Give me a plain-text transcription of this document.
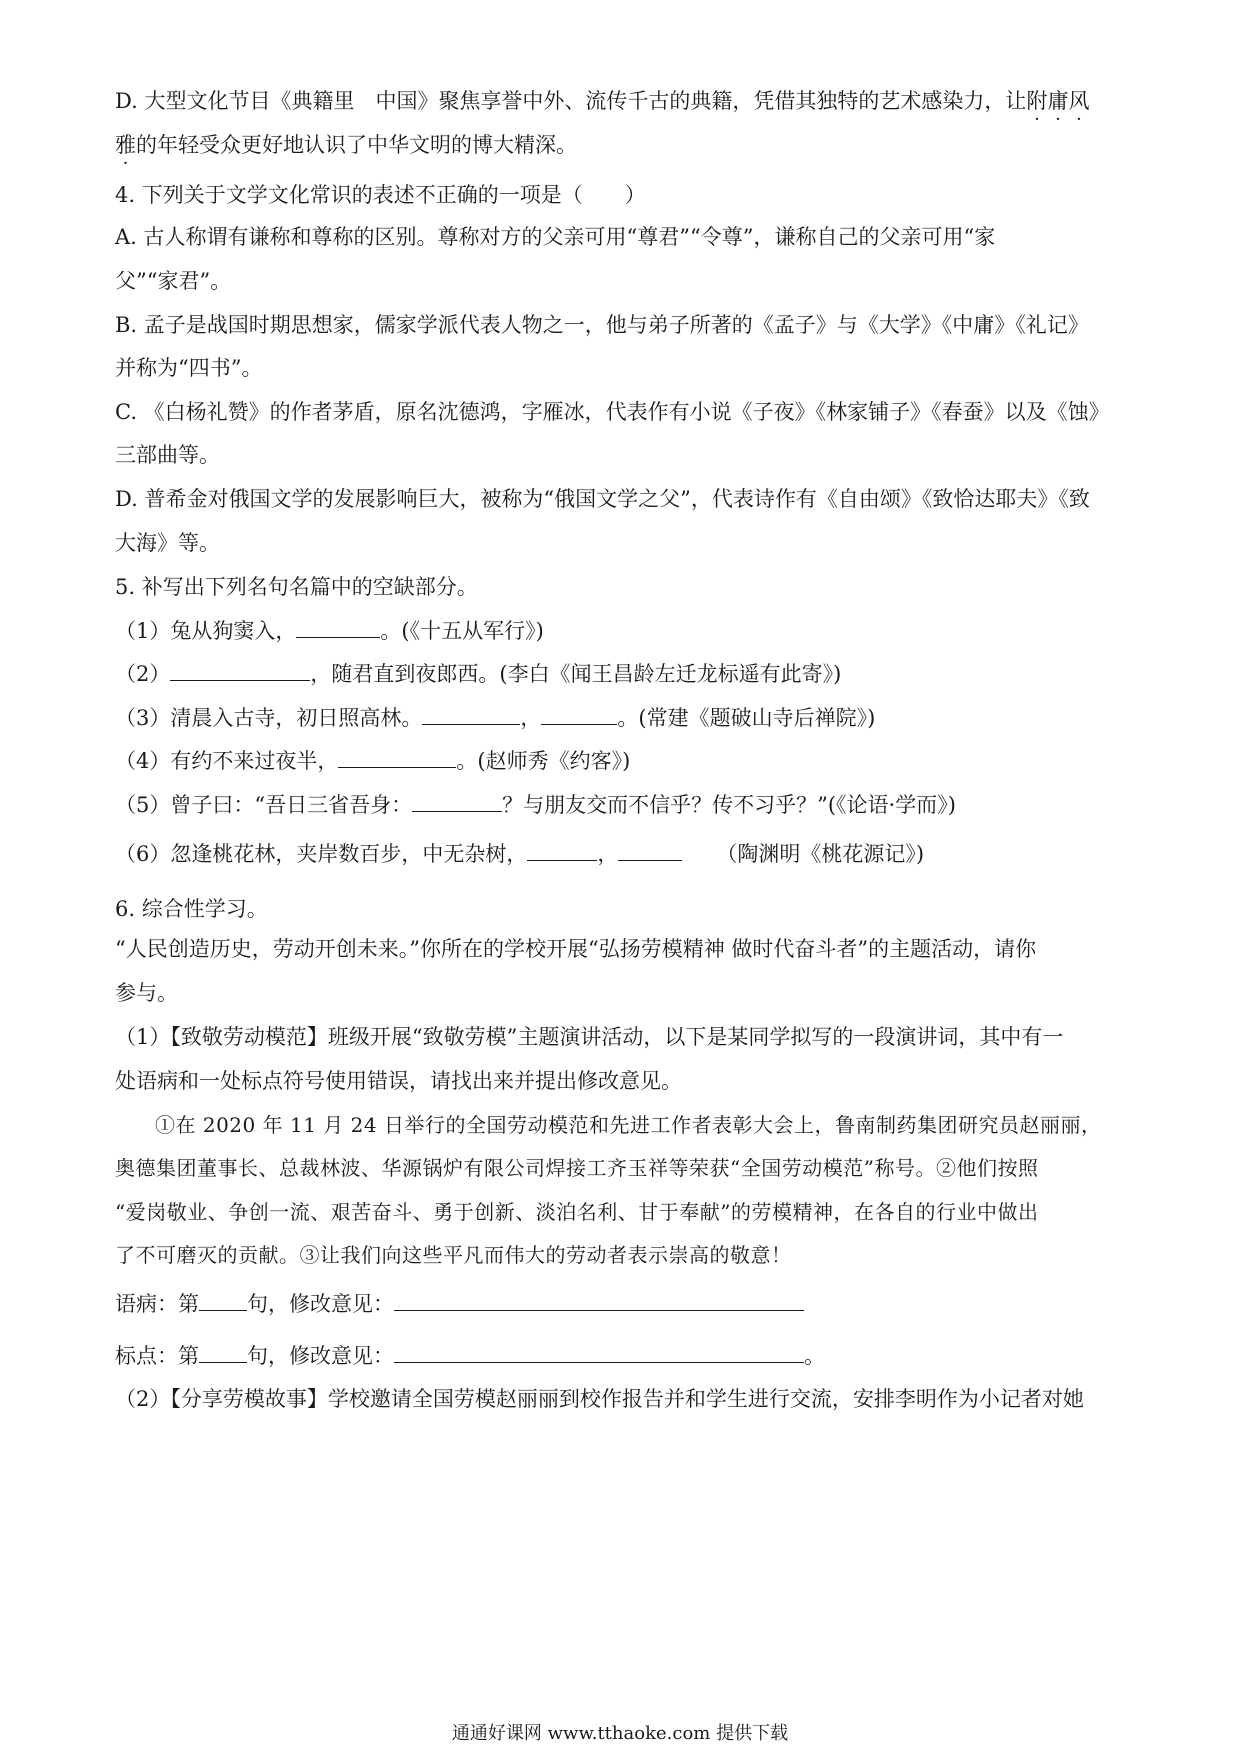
D. 大型文化节目《典籍里　中国》聚焦享誉中外、流传千古的典籍，凭借其独特的艺术感染力，让附庸风
雅的年轻受众更好地认识了中华文明的博大精深。
4. 下列关于文学文化常识的表述不正确的一项是（　　）
A. 古人称谓有谦称和尊称的区别。尊称对方的父亲可用“尊君”“令尊”，谦称自己的父亲可用“家
父”“家君”。
B. 孟子是战国时期思想家，儒家学派代表人物之一，他与弟子所著的《孟子》与《大学》《中庸》《礼记》
并称为“四书”。
C. 《白杨礼赞》的作者茅盾，原名沈德鸿，字雁冰，代表作有小说《子夜》《林家铺子》《春蚕》以及《蚀》
三部曲等。
D. 普希金对俄国文学的发展影响巨大，被称为“俄国文学之父”，代表诗作有《自由颂》《致恰达耶夫》《致
大海》等。
5. 补写出下列名句名篇中的空缺部分。
（1）兔从狗窦入，	。(《十五从军行》)
（2）	，随君直到夜郎西。(李白《闻王昌龄左迁龙标遥有此寄》)
（3）清晨入古寺，初日照高林。	，	。(常建《题破山寺后禅院》)
（4）有约不来过夜半，	。(赵师秀《约客》)
（5）曾子曰：“吾日三省吾身：	？与朋友交而不信乎？传不习乎？”(《论语·学而》)
（6）忽逢桃花林，夹岸数百步，中无杂树，	，	（陶渊明《桃花源记》)
6. 综合性学习。
“人民创造历史，劳动开创未来。”你所在的学校开展“弘扬劳模精神 做时代奋斗者”的主题活动，请你
参与。
（1）【致敬劳动模范】班级开展“致敬劳模”主题演讲活动，以下是某同学拟写的一段演讲词，其中有一
处语病和一处标点符号使用错误，请找出来并提出修改意见。
①在 2020 年 11 月 24 日举行的全国劳动模范和先进工作者表彰大会上，鲁南制药集团研究员赵丽丽，
奥德集团董事长、总裁林波、华源锅炉有限公司焊接工齐玉祥等荣获“全国劳动模范”称号。②他们按照
“爱岗敬业、争创一流、艰苦奋斗、勇于创新、淡泊名利、甘于奉献”的劳模精神，在各自的行业中做出
了不可磨灭的贡献。③让我们向这些平凡而伟大的劳动者表示崇高的敬意！
语病：第 句，修改意见：
标点：第 句，修改意见：	。
（2）【分享劳模故事】学校邀请全国劳模赵丽丽到校作报告并和学生进行交流，安排李明作为小记者对她
通通好课网 www.tthaoke.com 提供下载
